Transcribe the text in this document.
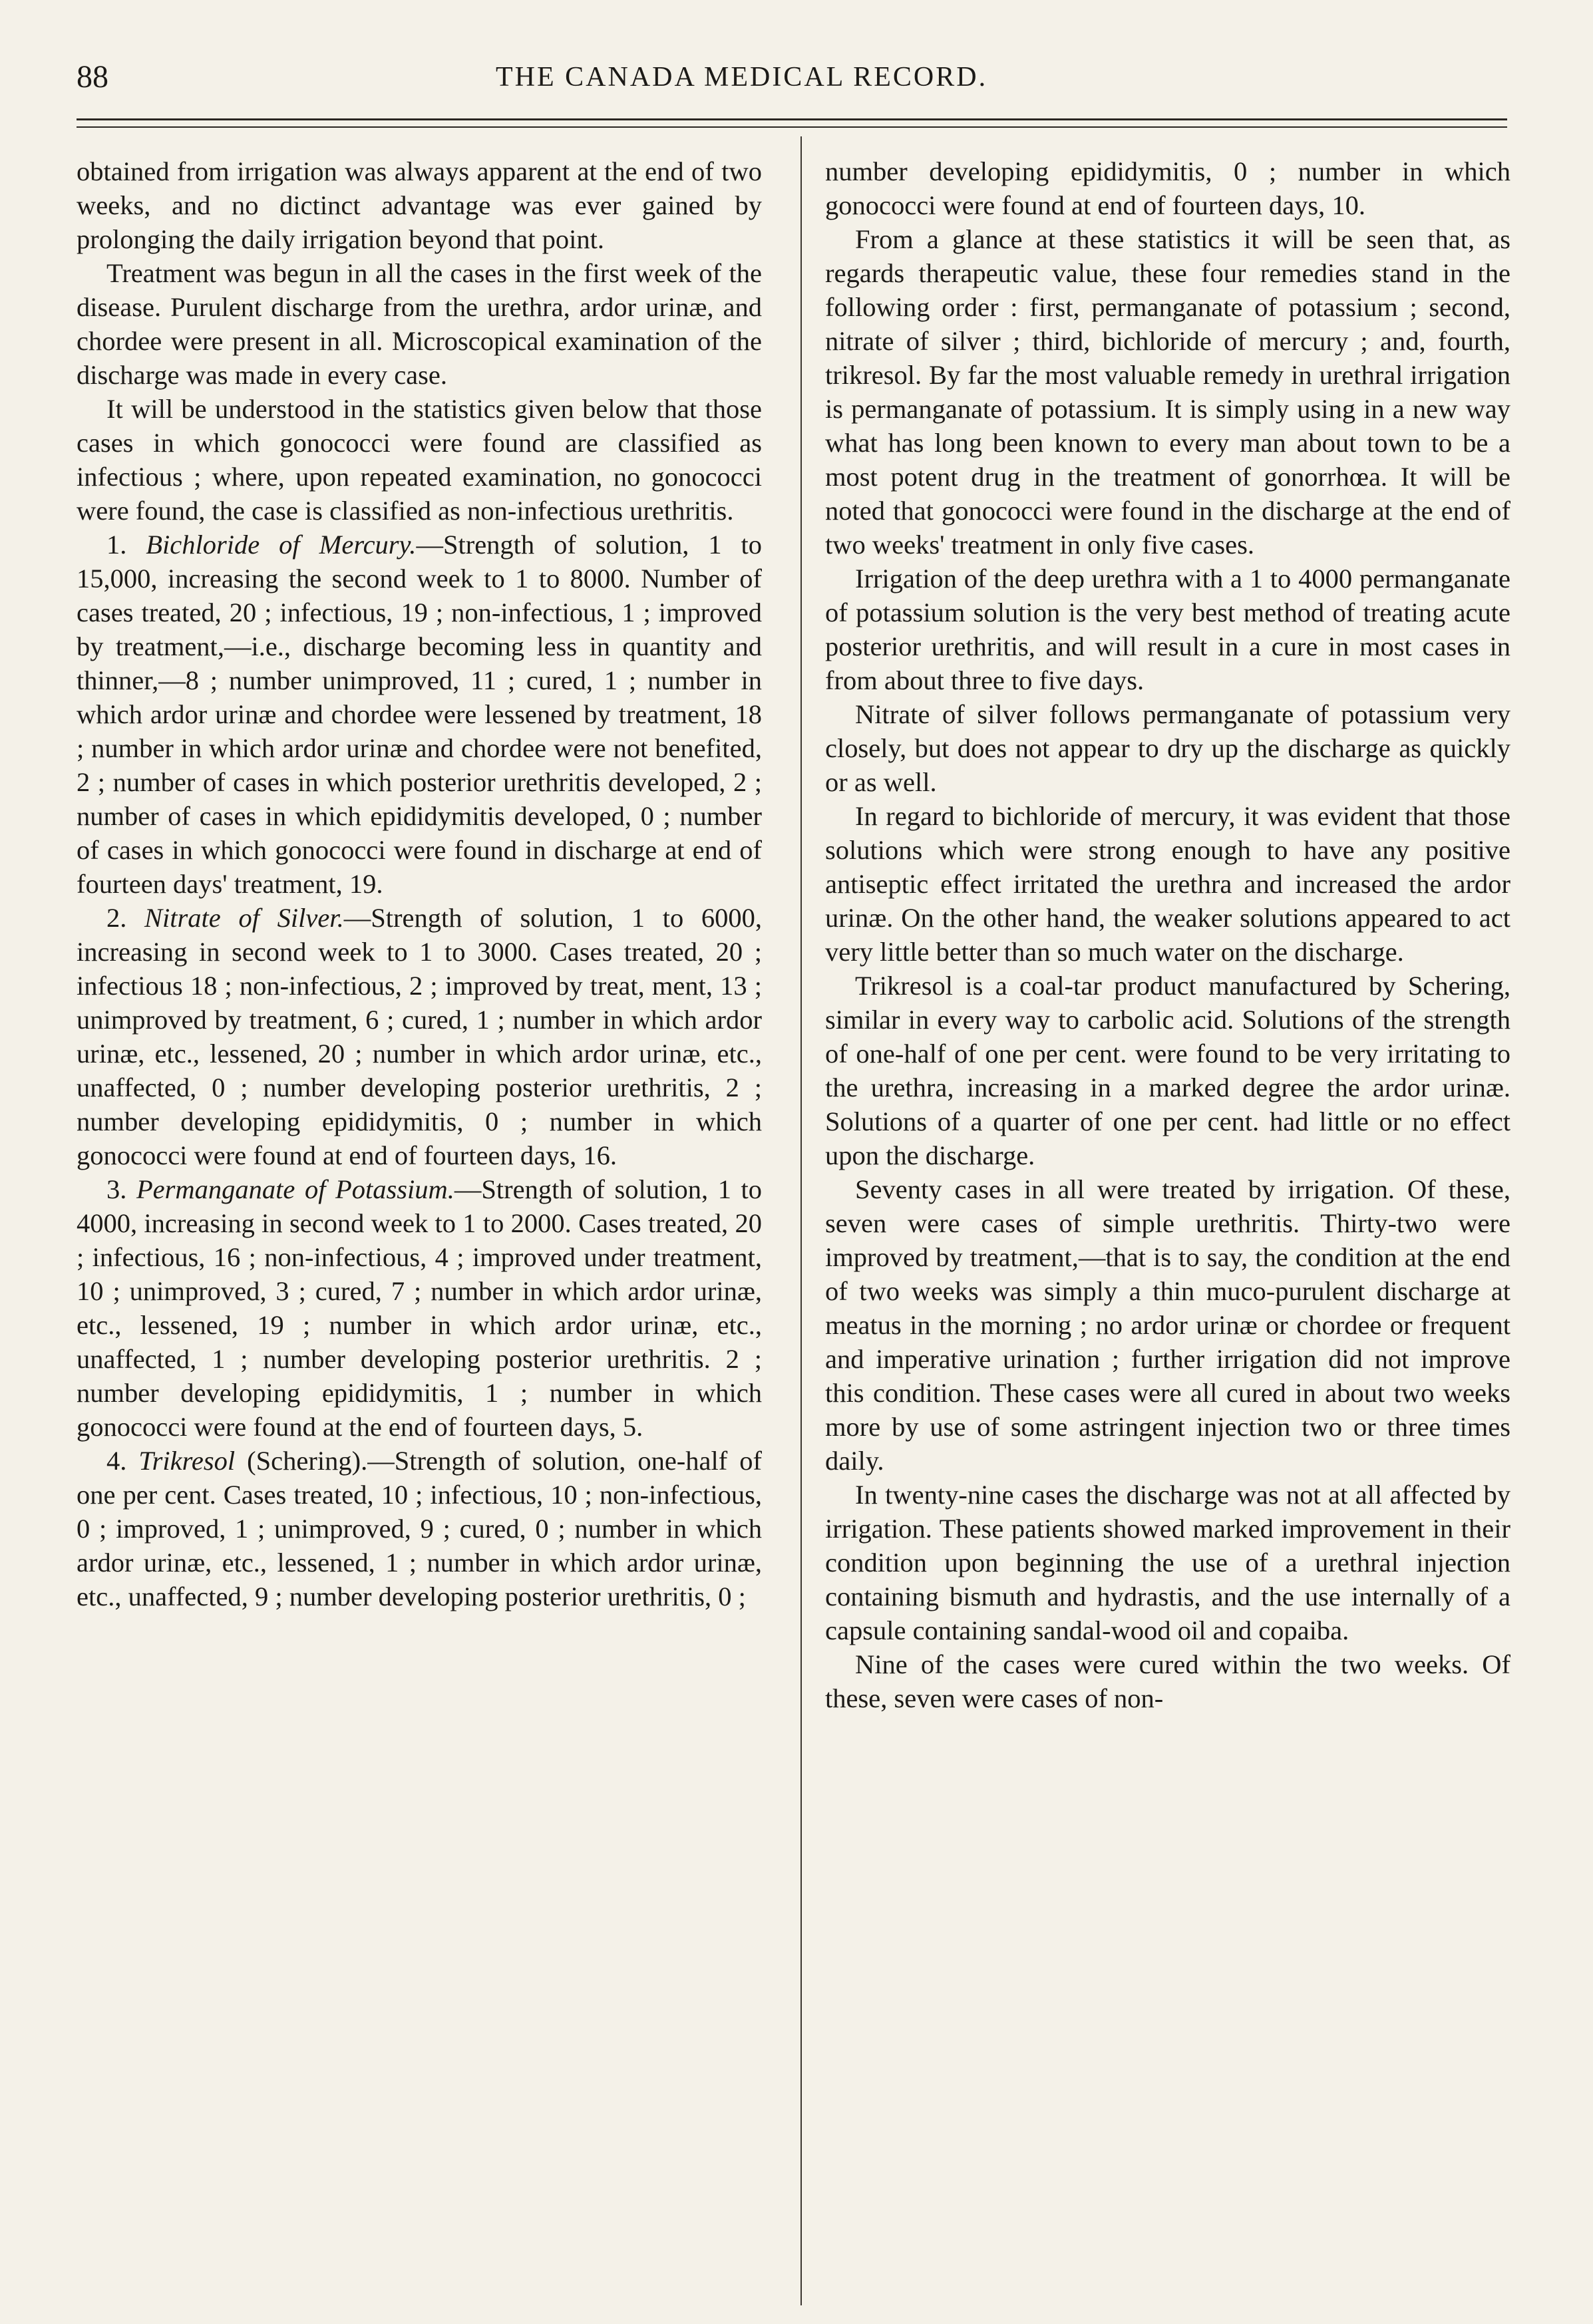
88	THE CANADA MEDICAL RECORD.

obtained from irrigation was always apparent at the end of two weeks, and no dictinct advantage was ever gained by prolonging the daily irrigation beyond that point.

Treatment was begun in all the cases in the first week of the disease. Purulent discharge from the urethra, ardor urinæ, and chordee were present in all. Microscopical examination of the discharge was made in every case.

It will be understood in the statistics given below that those cases in which gonococci were found are classified as infectious ; where, upon repeated examination, no gonococci were found, the case is classified as non-infectious urethritis.

1. Bichloride of Mercury.—Strength of solution, 1 to 15,000, increasing the second week to 1 to 8000. Number of cases treated, 20 ; infectious, 19 ; non-infectious, 1 ; improved by treatment,—i.e., discharge becoming less in quantity and thinner,—8 ; number unimproved, 11 ; cured, 1 ; number in which ardor urinæ and chordee were lessened by treatment, 18 ; number in which ardor urinæ and chordee were not benefited, 2 ; number of cases in which posterior urethritis developed, 2 ; number of cases in which epididymitis developed, 0 ; number of cases in which gonococci were found in discharge at end of fourteen days' treatment, 19.

2. Nitrate of Silver.—Strength of solution, 1 to 6000, increasing in second week to 1 to 3000. Cases treated, 20 ; infectious 18 ; non-infectious, 2 ; improved by treat, ment, 13 ; unimproved by treatment, 6 ; cured, 1 ; number in which ardor urinæ, etc., lessened, 20 ; number in which ardor urinæ, etc., unaffected, 0 ; number developing posterior urethritis, 2 ; number developing epididymitis, 0 ; number in which gonococci were found at end of fourteen days, 16.

3. Permanganate of Potassium.—Strength of solution, 1 to 4000, increasing in second week to 1 to 2000. Cases treated, 20 ; infectious, 16 ; non-infectious, 4 ; improved under treatment, 10 ; unimproved, 3 ; cured, 7 ; number in which ardor urinæ, etc., lessened, 19 ; number in which ardor urinæ, etc., unaffected, 1 ; number developing posterior urethritis. 2 ; number developing epididymitis, 1 ; number in which gonococci were found at the end of fourteen days, 5.

4. Trikresol (Schering).—Strength of solution, one-half of one per cent. Cases treated, 10 ; infectious, 10 ; non-infectious, 0 ; improved, 1 ; unimproved, 9 ; cured, 0 ; number in which ardor urinæ, etc., lessened, 1 ; number in which ardor urinæ, etc., unaffected, 9 ; number developing posterior urethritis, 0 ;

number developing epididymitis, 0 ; number in which gonococci were found at end of fourteen days, 10.

From a glance at these statistics it will be seen that, as regards therapeutic value, these four remedies stand in the following order : first, permanganate of potassium ; second, nitrate of silver ; third, bichloride of mercury ; and, fourth, trikresol. By far the most valuable remedy in urethral irrigation is permanganate of potassium. It is simply using in a new way what has long been known to every man about town to be a most potent drug in the treatment of gonorrhœa. It will be noted that gonococci were found in the discharge at the end of two weeks' treatment in only five cases.

Irrigation of the deep urethra with a 1 to 4000 permanganate of potassium solution is the very best method of treating acute posterior urethritis, and will result in a cure in most cases in from about three to five days.

Nitrate of silver follows permanganate of potassium very closely, but does not appear to dry up the discharge as quickly or as well.

In regard to bichloride of mercury, it was evident that those solutions which were strong enough to have any positive antiseptic effect irritated the urethra and increased the ardor urinæ. On the other hand, the weaker solutions appeared to act very little better than so much water on the discharge.

Trikresol is a coal-tar product manufactured by Schering, similar in every way to carbolic acid. Solutions of the strength of one-half of one per cent. were found to be very irritating to the urethra, increasing in a marked degree the ardor urinæ. Solutions of a quarter of one per cent. had little or no effect upon the discharge.

Seventy cases in all were treated by irrigation. Of these, seven were cases of simple urethritis. Thirty-two were improved by treatment,—that is to say, the condition at the end of two weeks was simply a thin muco-purulent discharge at meatus in the morning ; no ardor urinæ or chordee or frequent and imperative urination ; further irrigation did not improve this condition. These cases were all cured in about two weeks more by use of some astringent injection two or three times daily.

In twenty-nine cases the discharge was not at all affected by irrigation. These patients showed marked improvement in their condition upon beginning the use of a urethral injection containing bismuth and hydrastis, and the use internally of a capsule containing sandal-wood oil and copaiba.

Nine of the cases were cured within the two weeks. Of these, seven were cases of non-
